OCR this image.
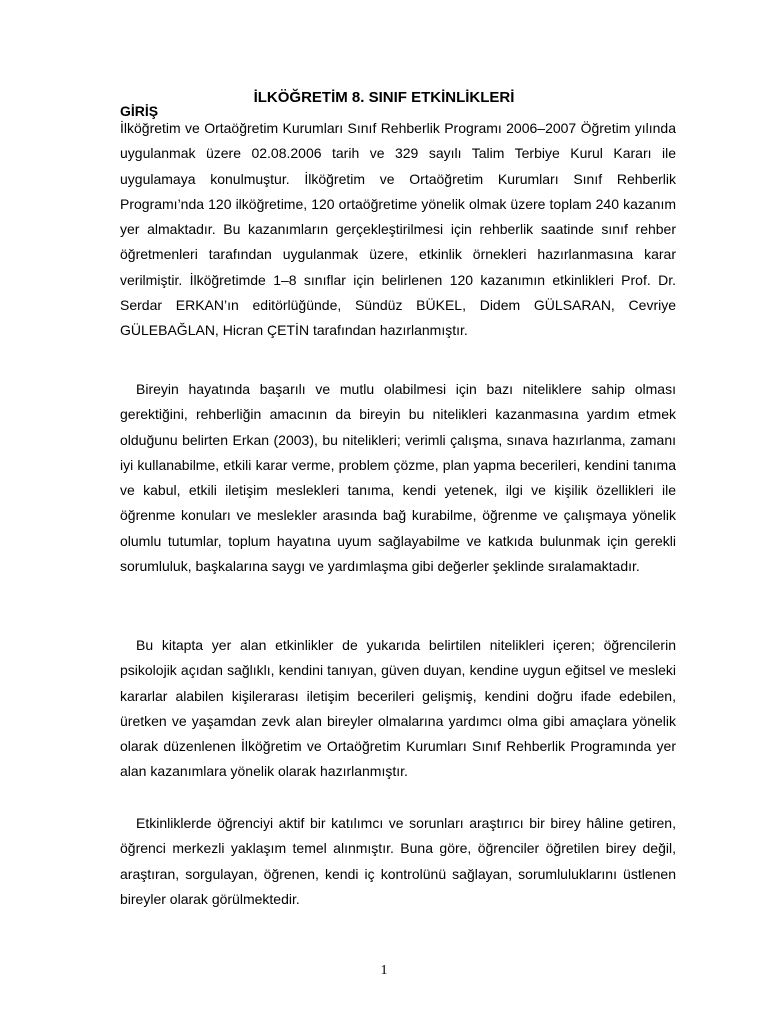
İLKÖĞRETİM 8. SINIF ETKİNLİKLERİ
GİRİŞ

İlköğretim ve Ortaöğretim Kurumları Sınıf Rehberlik Programı 2006–2007 Öğretim yılında uygulanmak üzere 02.08.2006 tarih ve 329 sayılı Talim Terbiye Kurul Kararı ile uygulamaya konulmuştur. İlköğretim ve Ortaöğretim Kurumları Sınıf Rehberlik Programı’nda 120 ilköğretime, 120 ortaöğretime yönelik olmak üzere toplam 240 kazanım yer almaktadır. Bu kazanımların gerçekleştirilmesi için rehberlik saatinde sınıf rehber öğretmenleri tarafından uygulanmak üzere, etkinlik örnekleri hazırlanmasına karar verilmiştir. İlköğretimde 1–8 sınıflar için belirlenen 120 kazanımın etkinlikleri Prof. Dr. Serdar ERKAN’ın editörlüğünde, Sündüz BÜKEL, Didem GÜLSARAN, Cevriye GÜLEBAĞLAN, Hicran ÇETİN tarafından hazırlanmıştır.

Bireyin hayatında başarılı ve mutlu olabilmesi için bazı niteliklere sahip olması gerektiğini, rehberliğin amacının da bireyin bu nitelikleri kazanmasına yardım etmek olduğunu belirten Erkan (2003), bu nitelikleri; verimli çalışma, sınava hazırlanma, zamanı iyi kullanabilme, etkili karar verme, problem çözme, plan yapma becerileri, kendini tanıma ve kabul, etkili iletişim meslekleri tanıma, kendi yetenek, ilgi ve kişilik özellikleri ile öğrenme konuları ve meslekler arasında bağ kurabilme, öğrenme ve çalışmaya yönelik olumlu tutumlar, toplum hayatına uyum sağlayabilme ve katkıda bulunmak için gerekli sorumluluk, başkalarına saygı ve yardımlaşma gibi değerler şeklinde sıralamaktadır.

Bu kitapta yer alan etkinlikler de yukarıda belirtilen nitelikleri içeren; öğrencilerin psikolojik açıdan sağlıklı, kendini tanıyan, güven duyan, kendine uygun eğitsel ve mesleki kararlar alabilen kişilerarası iletişim becerileri gelişmiş, kendini doğru ifade edebilen, üretken ve yaşamdan zevk alan bireyler olmalarına yardımcı olma gibi amaçlara yönelik olarak düzenlenen İlköğretim ve Ortaöğretim Kurumları Sınıf Rehberlik Programında yer alan kazanımlara yönelik olarak hazırlanmıştır.

Etkinliklerde öğrenciyi aktif bir katılımcı ve sorunları araştırıcı bir birey hâline getiren, öğrenci merkezli yaklaşım temel alınmıştır. Buna göre, öğrenciler öğretilen birey değil, araştıran, sorgulayan, öğrenen, kendi iç kontrolünü sağlayan, sorumluluklarını üstlenen bireyler olarak görülmektedir.

1
